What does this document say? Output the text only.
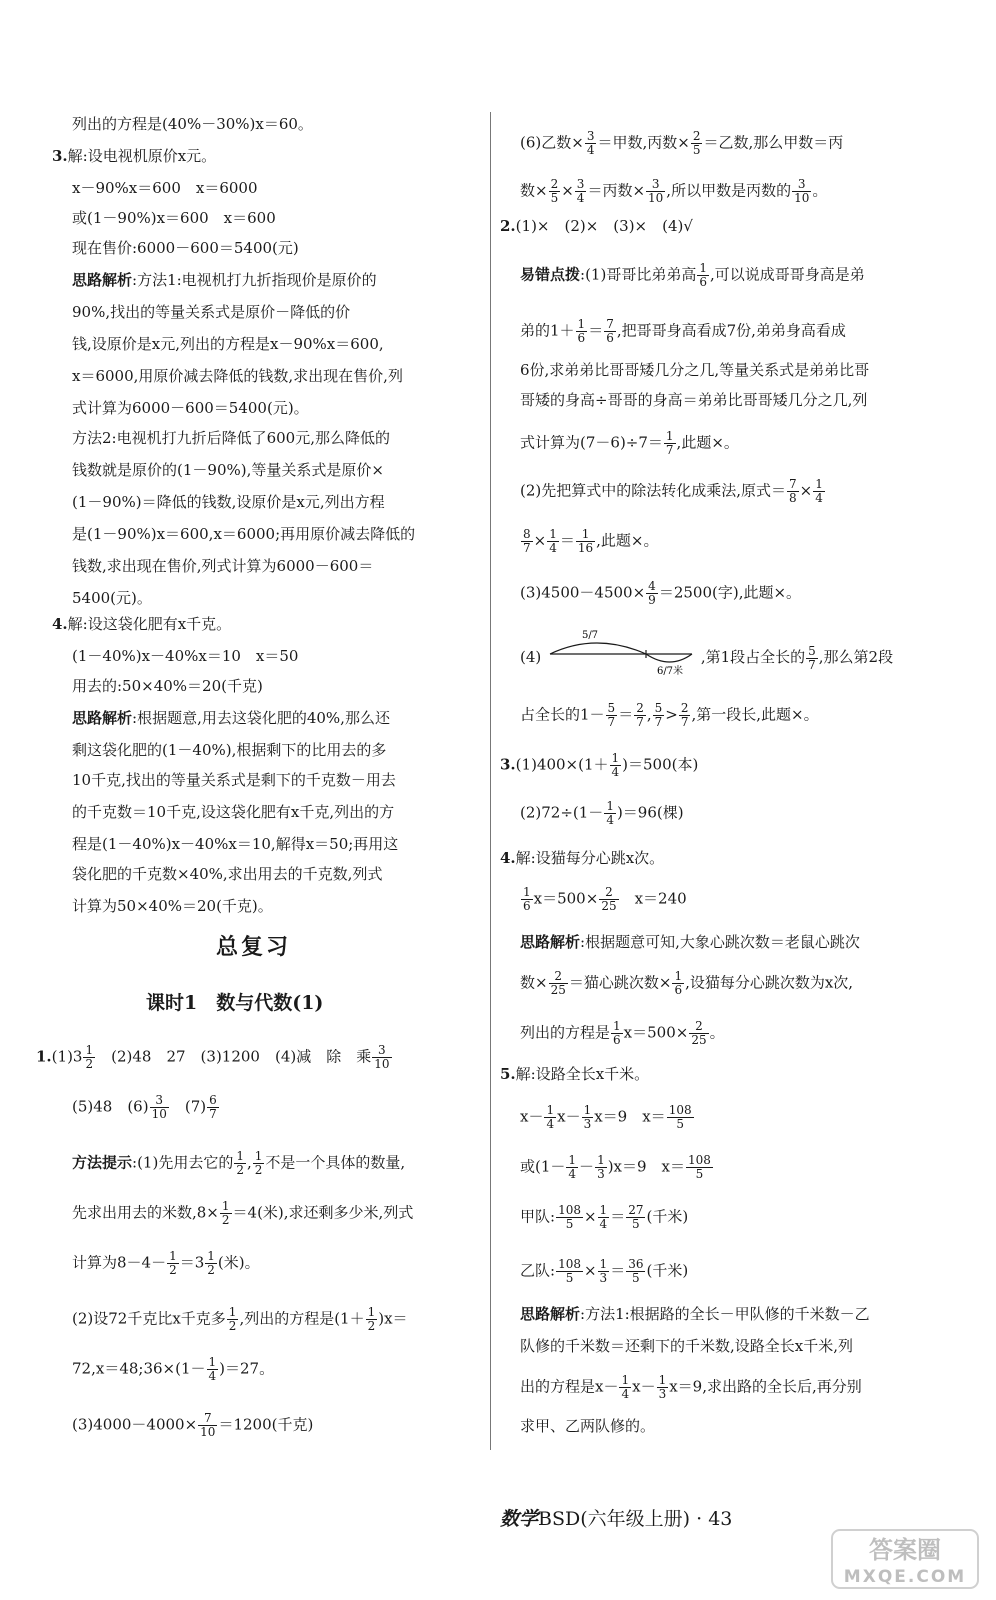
列出的方程是(40%－30%)x＝60。
3.解:设电视机原价x元。
x－90%x＝600　x＝6000
或(1－90%)x＝600　x＝600
现在售价:6000－600＝5400(元)
思路解析:方法1:电视机打九折指现价是原价的
90%,找出的等量关系式是原价－降低的价
钱,设原价是x元,列出的方程是x－90%x＝600,
x＝6000,用原价减去降低的钱数,求出现在售价,列
式计算为6000－600＝5400(元)。
方法2:电视机打九折后降低了600元,那么降低的
钱数就是原价的(1－90%),等量关系式是原价×
(1－90%)＝降低的钱数,设原价是x元,列出方程
是(1－90%)x＝600,x＝6000;再用原价减去降低的
钱数,求出现在售价,列式计算为6000－600＝
5400(元)。
4.解:设这袋化肥有x千克。
(1－40%)x－40%x＝10　x＝50
用去的:50×40%＝20(千克)
思路解析:根据题意,用去这袋化肥的40%,那么还
剩这袋化肥的(1－40%),根据剩下的比用去的多
10千克,找出的等量关系式是剩下的千克数－用去
的千克数＝10千克,设这袋化肥有x千克,列出的方
程是(1－40%)x－40%x＝10,解得x＝50;再用这
袋化肥的千克数×40%,求出用去的千克数,列式
计算为50×40%＝20(千克)。
总复习
课时1　数与代数(1)
$1.(1)3 \frac{1}{2}$
　 (2)48　27　(3)1200　(4)减　除　乘 $\frac{3}{10}$
(5)48　$(6) \frac{3}{10}$
　 $(7) \frac{6}{7}$
方法提示:(1)先用去它的 $\frac{1}{2}$ , $\frac{1}{2}$ 不是一个具体的数量,
先求出用去的米数$,8\times \frac{1}{2} =4$(米),求还剩多少米,列式
计算为$8-4- \frac{1}{2} =3 \frac{1}{2}$ (米)。
(2)设72千克比x千克多 $\frac{1}{2}$ ,列出的方程是$(1+ \frac{1}{2} )x=$
72,x＝48;36×(1－ $\frac{1}{4} )=27$。
$(3)4000-4000\times \frac{7}{10} =1200$(千克)
(6)乙数× $\frac{3}{4}$ ＝甲数,丙数× $\frac{2}{5}$ ＝乙数,那么甲数＝丙
数× $\frac{2}{5} \times \frac{3}{4}$ ＝丙数× $\frac{3}{10}$ ,所以甲数是丙数的 $\frac{3}{10}$ 。
2.(1)×　(2)×　(3)×　(4)√
易错点拨:(1)哥哥比弟弟高 $\frac{1}{6}$ ,可以说成哥哥身高是弟
弟的$1+ \frac{1}{6} = \frac{7}{6}$ ,把哥哥身高看成7份,弟弟身高看成
6份,求弟弟比哥哥矮几分之几,等量关系式是弟弟比哥
哥矮的身高÷哥哥的身高＝弟弟比哥哥矮几分之几,列
式计算为$(7-6)\div 7= \frac{1}{7}$ ,此题×。
(2)先把算式中的除法转化成乘法,原式＝ $\frac{7}{8} \times \frac{1}{4}$
$\frac{8}{7} \times \frac{1}{4} = \frac{1}{16}$ ,此题×。
$(3)4500-4500\times \frac{4}{9} =2500$(字),此题×。
(4)
5/7
6/7米
,第1段占全长的 $\frac{5}{7}$ ,那么第2段
占全长的$1- \frac{5}{7} = \frac{2}{7}$ , $\frac{5}{7} > \frac{2}{7}$ ,第一段长,此题×。
$3.(1)400\times(1+ \frac{1}{4} )=500$(本)
$(2)72\div(1- \frac{1}{4} )=96$(棵)
4.解:设猫每分心跳x次。
$\frac{1}{6} x=500\times \frac{2}{25}$ 　x＝240
思路解析:根据题意可知,大象心跳次数＝老鼠心跳次
数× $\frac{2}{25}$ ＝猫心跳次数× $\frac{1}{6}$ ,设猫每分心跳次数为x次,
列出的方程是 $\frac{1}{6} x=500\times \frac{2}{25}$ 。
5.解:设路全长x千米。
$x- \frac{1}{4} x- \frac{1}{3} x=9$　$x= \frac{108}{5}$
或$(1- \frac{1}{4} - \frac{1}{3} )x=9$　$x= \frac{108}{5}$
甲队: $\frac{108}{5} \times \frac{1}{4} = \frac{27}{5}$ (千米)
乙队: $\frac{108}{5} \times \frac{1}{3} = \frac{36}{5}$ (千米)
思路解析:方法1:根据路的全长－甲队修的千米数－乙
队修的千米数＝还剩下的千米数,设路全长x千米,列
出的方程是$x- \frac{1}{4} x- \frac{1}{3} x=9$,求出路的全长后,再分别
求甲、乙两队修的。
数学BSD(六年级上册) · 43
答案圈
MXQE.COM
